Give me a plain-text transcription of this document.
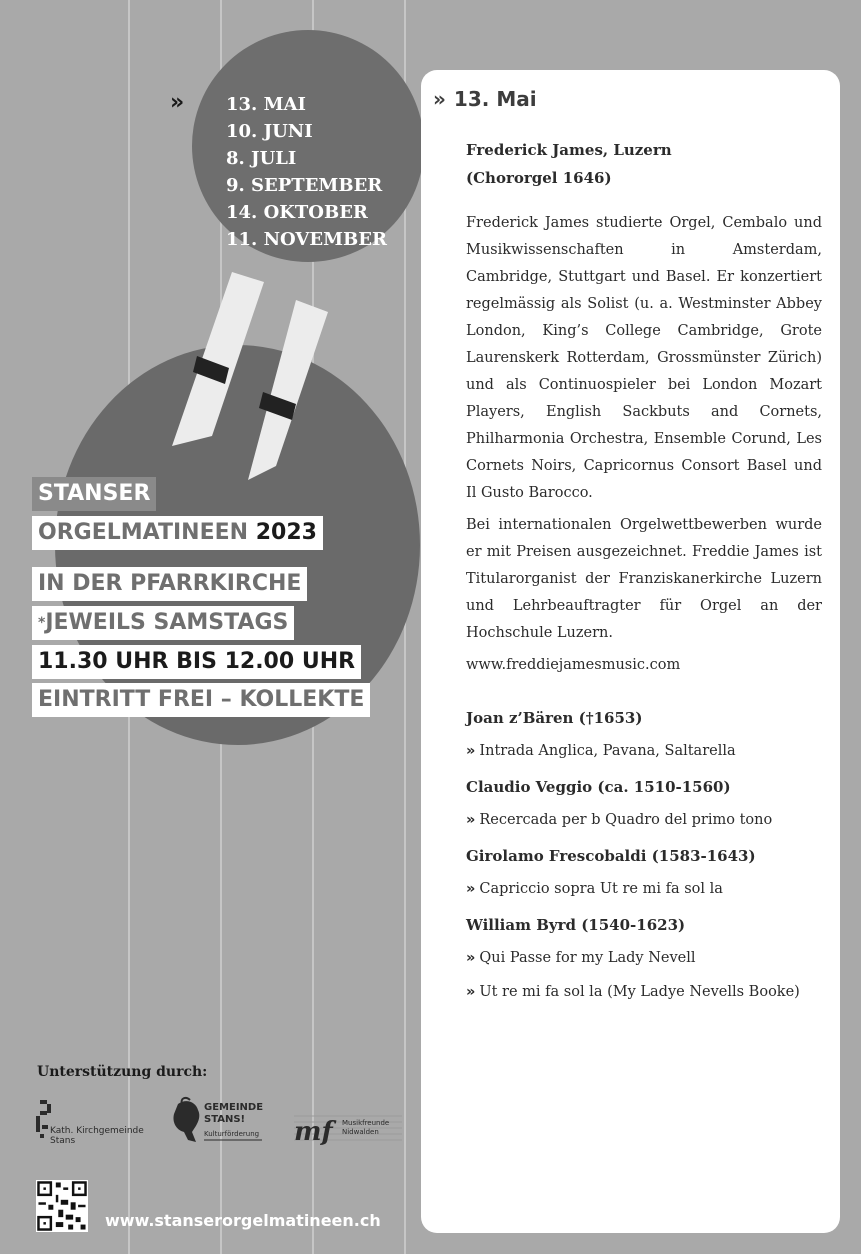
» 13. MAI
10. JUNI
8. JULI
9. SEPTEMBER
14. OKTOBER
11. NOVEMBER
STANSER
ORGELMATINEEN 2023
IN DER PFARRKIRCHE
*JEWEILS SAMSTAGS
11.30 UHR BIS 12.00 UHR
EINTRITT FREI – KOLLEKTE
www.stanserorgelmatineen.ch
» 13. Mai
Frederick James, Luzern
(Chororgel 1646)

Frederick James studierte Orgel, Cembalo und Musikwissenschaften in Amsterdam, Cambridge, Stuttgart und Basel. Er konzertiert regelmässig als Solist (u. a. Westminster Abbey London, King’s College Cambridge, Grote Laurenskerk Rotterdam, Grossmünster Zürich) und als Continuospieler bei London Mozart Players, English Sackbuts and Cornets, Philharmonia Orchestra, Ensemble Corund, Les Cornets Noirs, Capricornus Consort Basel und Il Gusto Barocco.

Bei internationalen Orgelwettbewerben wurde er mit Preisen ausgezeichnet. Freddie James ist Titularorganist der Franziskanerkirche Luzern und Lehrbeauftragter für Orgel an der Hochschule Luzern.

www.freddiejamesmusic.com

Joan z’Bären (†1653)
» Intrada Anglica, Pavana, Saltarella
Claudio Veggio (ca. 1510-1560)
» Recercada per b Quadro del primo tono
Girolamo Frescobaldi (1583-1643)
» Capriccio sopra Ut re mi fa sol la
William Byrd (1540-1623)
» Qui Passe for my Lady Nevell
» Ut re mi fa sol la (My Ladye Nevells Booke)
Unterstützung durch:
Kath. Kirchgemeinde
Stans
GEMEINDE
STANS!
Kulturförderung mf	Musikfreunde
Nidwalden
